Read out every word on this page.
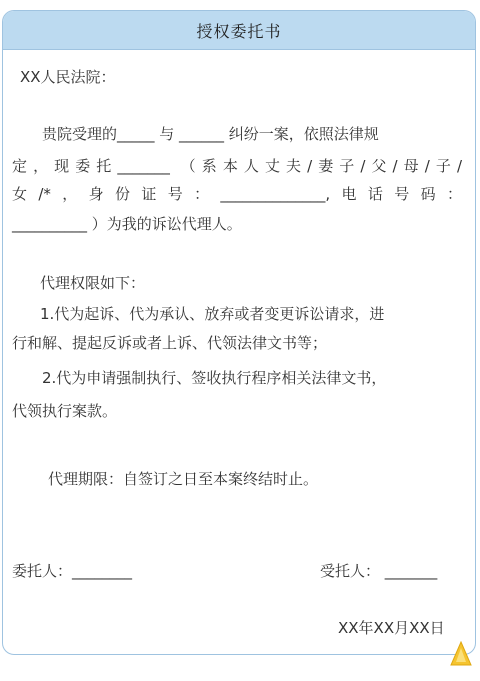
授权委托书
XX人民法院：
贵院受理的_____ 与 ______ 纠纷一案，依照法律规
定，现委托_______ （系本人丈夫/妻子/父/母/子/
女/*，身份证号：______________,电话号码：
__________ ）为我的诉讼代理人。
代理权限如下：
1.代为起诉、代为承认、放弃或者变更诉讼请求，进
行和解、提起反诉或者上诉、代领法律文书等；
2.代为申请强制执行、签收执行程序相关法律文书，
代领执行案款。
代理期限：自签订之日至本案终结时止。
委托人：________	受托人： _______
XX年XX月XX日
